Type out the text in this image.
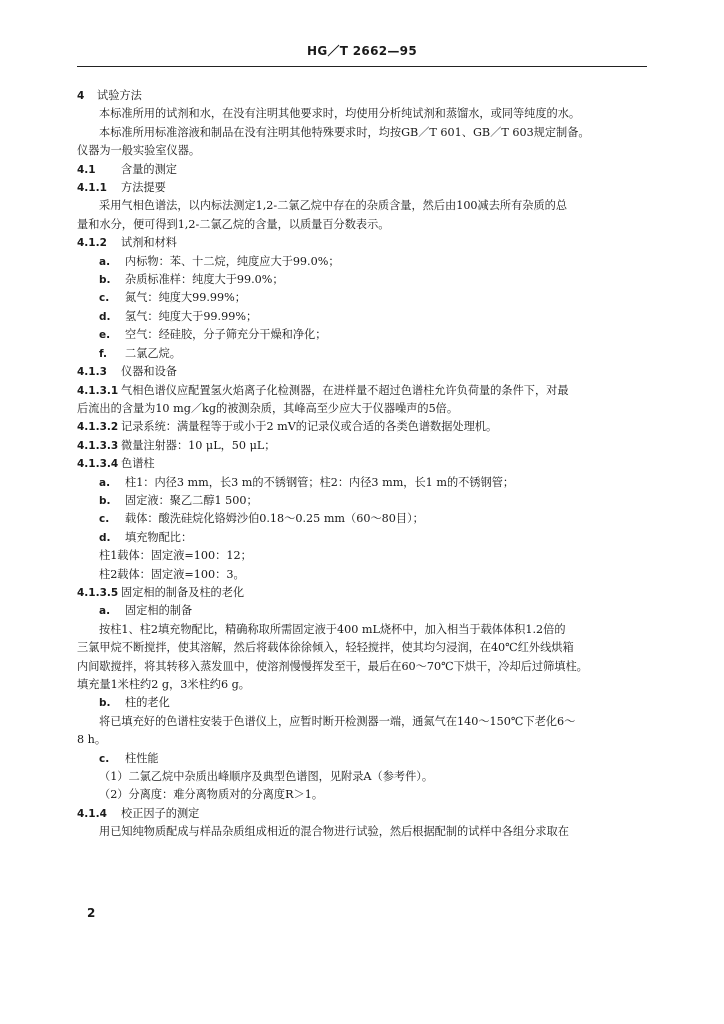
HG／T 2662—95

4 试验方法

本标准所用的试剂和水，在没有注明其他要求时，均使用分析纯试剂和蒸馏水，或同等纯度的水。

本标准所用标准溶液和制品在没有注明其他特殊要求时，均按GB／T 601、GB／T 603规定制备。

仪器为一般实验室仪器。

4.1 含量的测定

4.1.1 方法提要

采用气相色谱法，以内标法测定1,2-二氯乙烷中存在的杂质含量，然后由100减去所有杂质的总

量和水分，便可得到1,2-二氯乙烷的含量，以质量百分数表示。

4.1.2 试剂和材料

a. 内标物：苯、十二烷，纯度应大于99.0%；

b. 杂质标准样：纯度大于99.0%；

c. 氮气：纯度大99.99%；

d. 氢气：纯度大于99.99%；

e. 空气：经硅胶，分子筛充分干燥和净化；

f. 二氯乙烷。

4.1.3 仪器和设备

4.1.3.1 气相色谱仪应配置氢火焰离子化检测器，在进样量不超过色谱柱允许负荷量的条件下，对最

后流出的含量为10 mg／kg的被测杂质，其峰高至少应大于仪器噪声的5倍。

4.1.3.2 记录系统：满量程等于或小于2 mV的记录仪或合适的各类色谱数据处理机。

4.1.3.3 微量注射器：10 μL，50 μL；

4.1.3.4 色谱柱

a. 柱1：内径3 mm，长3 m的不锈钢管；柱2：内径3 mm，长1 m的不锈钢管；

b. 固定液：聚乙二醇1 500；

c. 载体：酸洗硅烷化铬姆沙伯0.18～0.25 mm（60～80目）；

d. 填充物配比：

柱1载体：固定液=100：12；

柱2载体：固定液=100：3。

4.1.3.5 固定相的制备及柱的老化

a. 固定相的制备

按柱1、柱2填充物配比，精确称取所需固定液于400 mL烧杯中，加入相当于载体体积1.2倍的

三氯甲烷不断搅拌，使其溶解，然后将载体徐徐倾入，轻轻搅拌，使其均匀浸润，在40℃红外线烘箱

内间歇搅拌，将其转移入蒸发皿中，使溶剂慢慢挥发至干，最后在60～70℃下烘干，冷却后过筛填柱。

填充量1米柱约2 g，3米柱约6 g。

b. 柱的老化

将已填充好的色谱柱安装于色谱仪上，应暂时断开检测器一端，通氮气在140～150℃下老化6～

8 h。

c. 柱性能

（1）二氯乙烷中杂质出峰顺序及典型色谱图，见附录A（参考件）。

（2）分离度：难分离物质对的分离度R＞1。

4.1.4 校正因子的测定

用已知纯物质配成与样品杂质组成相近的混合物进行试验，然后根据配制的试样中各组分求取在

2
